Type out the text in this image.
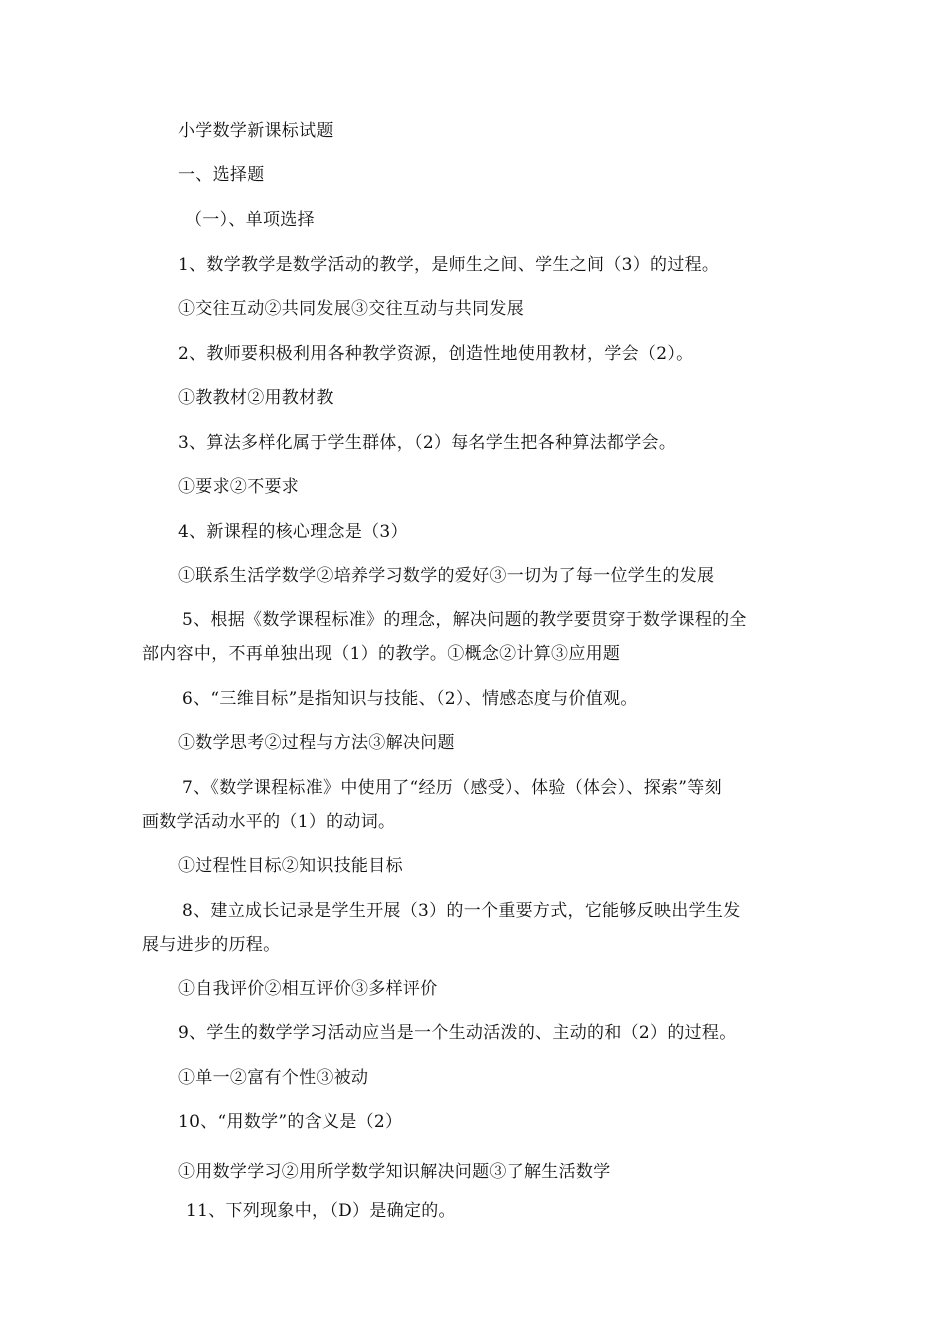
小学数学新课标试题
一、选择题
（一）、单项选择
1、数学教学是数学活动的教学，是师生之间、学生之间（3）的过程。
①交往互动②共同发展③交往互动与共同发展
2、教师要积极利用各种教学资源，创造性地使用教材，学会（2）。
①教教材②用教材教
3、算法多样化属于学生群体，（2）每名学生把各种算法都学会。
①要求②不要求
4、新课程的核心理念是（3）
①联系生活学数学②培养学习数学的爱好③一切为了每一位学生的发展
5、根据《数学课程标准》的理念，解决问题的教学要贯穿于数学课程的全
部内容中，不再单独出现（1）的教学。①概念②计算③应用题
6、“三维目标”是指知识与技能、（2）、情感态度与价值观。
①数学思考②过程与方法③解决问题
7、《数学课程标准》中使用了“经历（感受）、体验（体会）、探索”等刻
画数学活动水平的（1）的动词。
①过程性目标②知识技能目标
8、建立成长记录是学生开展（3）的一个重要方式，它能够反映出学生发
展与进步的历程。
①自我评价②相互评价③多样评价
9、学生的数学学习活动应当是一个生动活泼的、主动的和（2）的过程。
①单一②富有个性③被动
10、“用数学”的含义是（2）
①用数学学习②用所学数学知识解决问题③了解生活数学
11、下列现象中，（D）是确定的。
